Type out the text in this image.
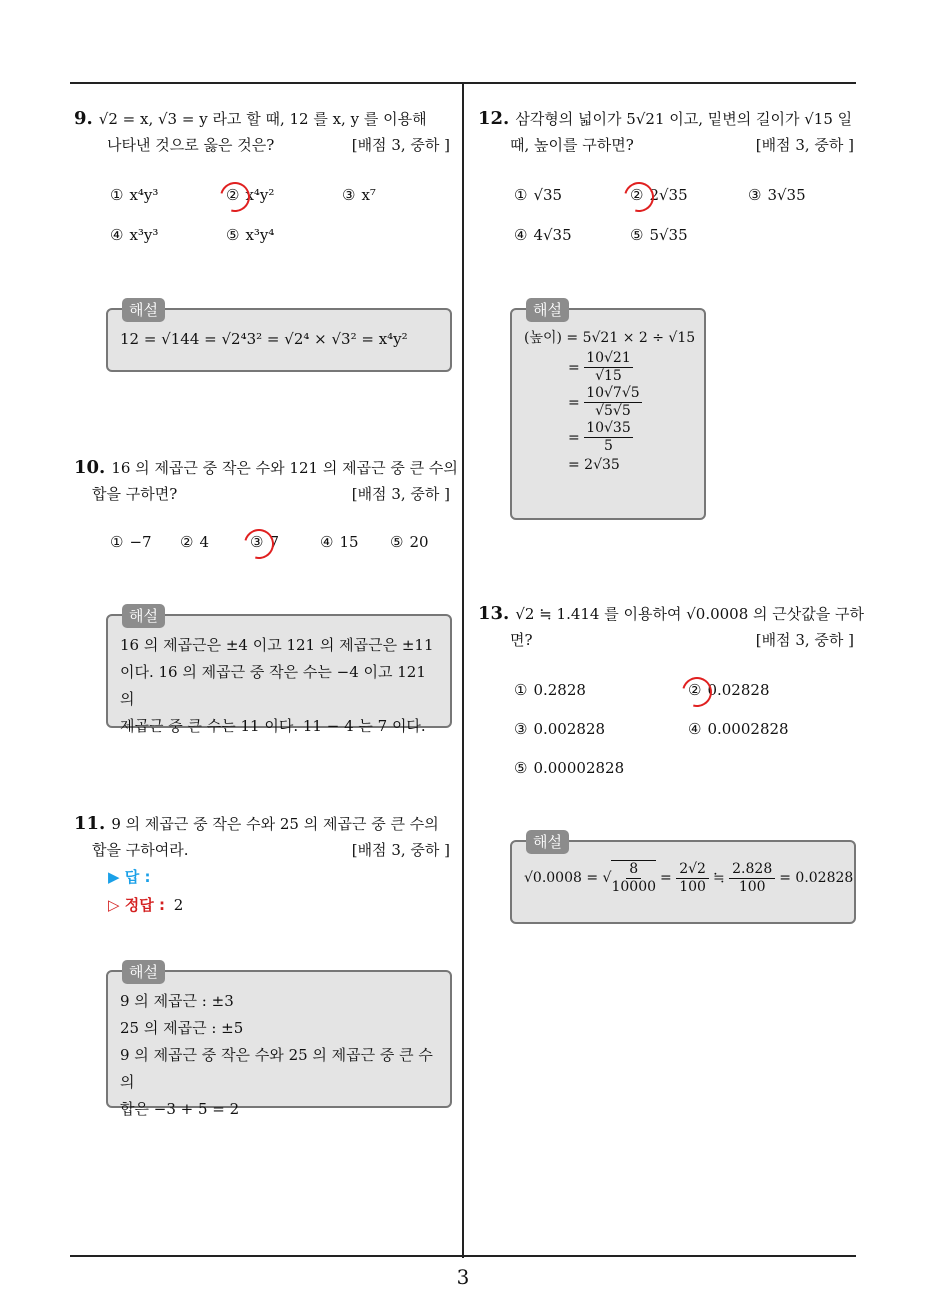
3
9. √2 = x, √3 = y 라고 할 때, 12 를 x, y 를 이용해
나타낸 것으로 옳은 것은?	[배점 3, 중하 ]
① x⁴y³	② x⁴y²	③ x⁷
④ x³y³	⑤ x³y⁴
해설

12 = √144 = √2⁴3² = √2⁴ × √3² = x⁴y²

10. 16 의 제곱근 중 작은 수와 121 의 제곱근 중 큰 수의
합을 구하면?	[배점 3, 중하 ]
① −7 ② 4	③ 7	④ 15 ⑤ 20
해설

16 의 제곱근은 ±4 이고 121 의 제곱근은 ±11

이다. 16 의 제곱근 중 작은 수는 −4 이고 121 의

제곱근 중 큰 수는 11 이다. 11 − 4 는 7 이다.

11. 9 의 제곱근 중 작은 수와 25 의 제곱근 중 큰 수의
합을 구하여라.	[배점 3, 중하 ]
▶ 답 :
▷ 정답 : 2
해설

9 의 제곱근 : ±3

25 의 제곱근 : ±5

9 의 제곱근 중 작은 수와 25 의 제곱근 중 큰 수의

합은 −3 + 5 = 2

12. 삼각형의 넓이가 5√21 이고, 밑변의 길이가 √15 일
때, 높이를 구하면?	[배점 3, 중하 ]
① √35	② 2√35	③ 3√35
④ 4√35	⑤ 5√35
해설
(높이) = 5√21 × 2 ÷ √15
= $\frac{10√21}{√15}$
= $\frac{10√7√5}{√5√5}$
= $\frac{10√35}{5}$
= 2√35
13. √2 ≒ 1.414 를 이용하여 √0.0008 의 근삿값을 구하
면?	[배점 3, 중하 ]
① 0.2828	② 0.02828
③ 0.002828	④ 0.0002828
⑤ 0.00002828
해설
√0.0008 = √ $\frac{8}{10000} = \frac{2√2}{100}$ ≒ $\frac{2.828}{100} = 0.02828$
